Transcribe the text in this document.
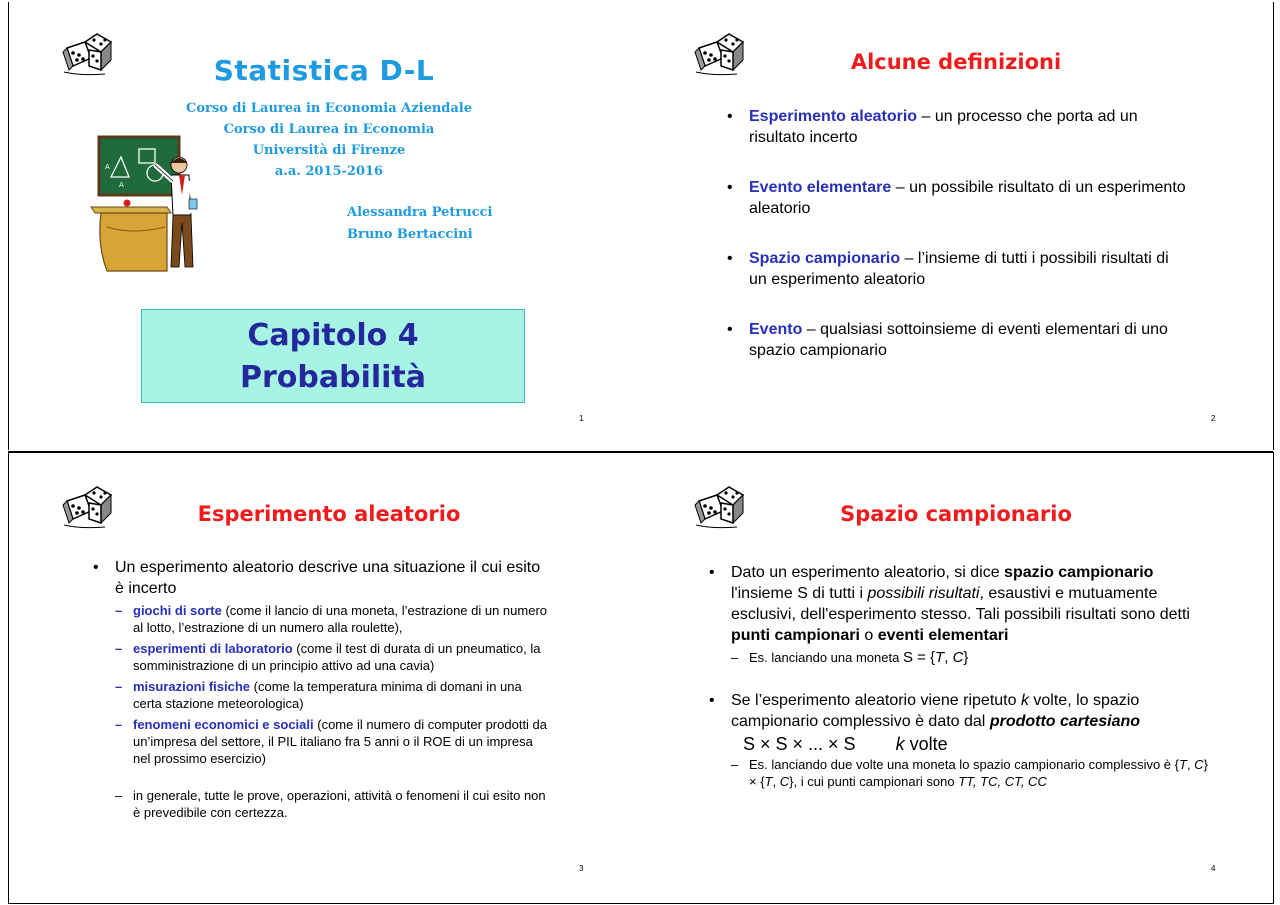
Statistica D-L
Corso di Laurea in Economia Aziendale
Corso di Laurea in Economia
Università di Firenze
a.a. 2015-2016
A
A
Alessandra Petrucci
Bruno Bertaccini
Capitolo 4
Probabilità
1
Alcune definizioni
• Esperimento aleatorio – un processo che porta ad un risultato incerto
• Evento elementare – un possibile risultato di un esperimento aleatorio
• Spazio campionario – l’insieme di tutti i possibili risultati di un esperimento aleatorio
• Evento – qualsiasi sottoinsieme di eventi elementari di uno spazio campionario
2
Esperimento aleatorio
• Un esperimento aleatorio descrive una situazione il cui esito è incerto
– giochi di sorte (come il lancio di una moneta, l’estrazione di un numero al lotto, l’estrazione di un numero alla roulette),
– esperimenti di laboratorio (come il test di durata di un pneumatico, la somministrazione di un principio attivo ad una cavia)
– misurazioni fisiche (come la temperatura minima di domani in una certa stazione meteorologica)
– fenomeni economici e sociali (come il numero di computer prodotti da un’impresa del settore, il PIL italiano fra 5 anni o il ROE di un impresa nel prossimo esercizio)
– in generale, tutte le prove, operazioni, attività o fenomeni il cui esito non è prevedibile con certezza.
3
Spazio campionario
• Dato un esperimento aleatorio, si dice spazio campionario l'insieme S di tutti i possibili risultati, esaustivi e mutuamente esclusivi, dell'esperimento stesso. Tali possibili risultati sono detti punti campionari o eventi elementari
– Es. lanciando una moneta S = {T, C}
• Se l’esperimento aleatorio viene ripetuto k volte, lo spazio campionario complessivo è dato dal prodotto cartesiano
S × S × ... × S k volte
– Es. lanciando due volte una moneta lo spazio campionario complessivo è {T, C} × {T, C}, i cui punti campionari sono TT, TC, CT, CC
4
